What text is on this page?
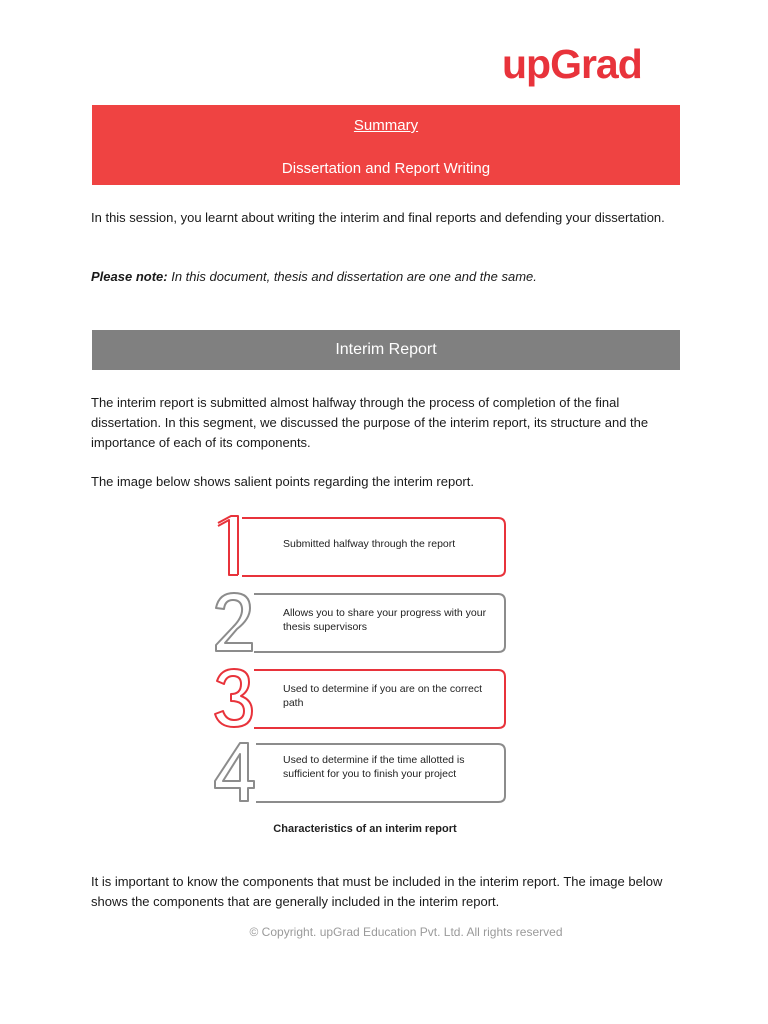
upGrad
Summary
Dissertation and Report Writing
In this session, you learnt about writing the interim and final reports and defending your dissertation.
Please note: In this document, thesis and dissertation are one and the same.
Interim Report
The interim report is submitted almost halfway through the process of completion of the final dissertation. In this segment, we discussed the purpose of the interim report, its structure and the importance of each of its components.
The image below shows salient points regarding the interim report.
Submitted halfway through the report
Allows you to share your progress with your thesis supervisors
Used to determine if you are on the correct path
Used to determine if the time allotted is sufficient for you to finish your project
Characteristics of an interim report
It is important to know the components that must be included in the interim report. The image below shows the components that are generally included in the interim report.
© Copyright. upGrad Education Pvt. Ltd. All rights reserved
